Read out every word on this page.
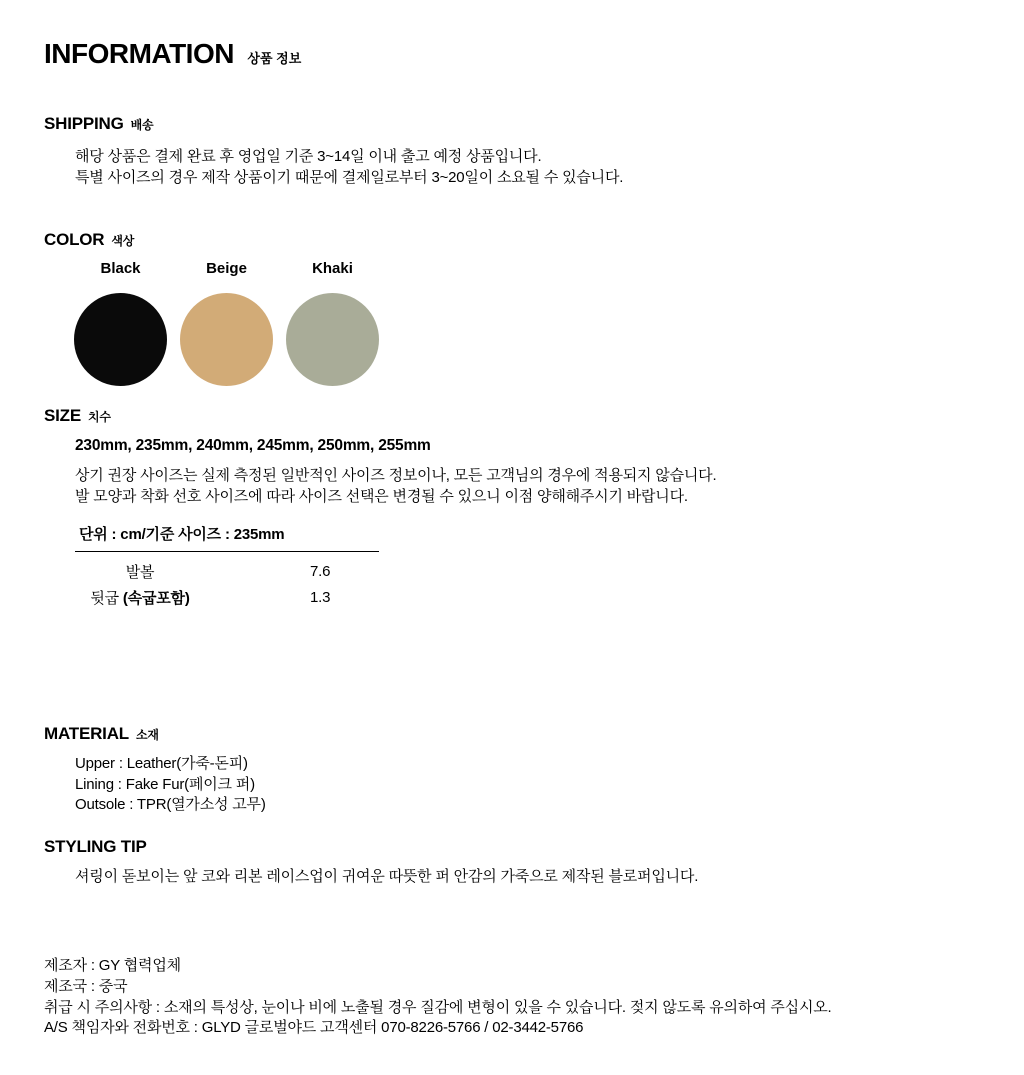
INFORMATION 상품 정보
SHIPPING 배송
해당 상품은 결제 완료 후 영업일 기준 3~14일 이내 출고 예정 상품입니다.
특별 사이즈의 경우 제작 상품이기 때문에 결제일로부터 3~20일이 소요될 수 있습니다.
COLOR 색상
Black	Beige	Khaki
SIZE 치수
230mm, 235mm, 240mm, 245mm, 250mm, 255mm
상기 권장 사이즈는 실제 측정된 일반적인 사이즈 정보이나, 모든 고객님의 경우에 적용되지 않습니다.
발 모양과 착화 선호 사이즈에 따라 사이즈 선택은 변경될 수 있으니 이점 양해해주시기 바랍니다.
단위 : cm/기준 사이즈 : 235mm
발볼	7.6
뒷굽 (속굽포함)	1.3
MATERIAL 소재
Upper : Leather(가죽-돈피)
Lining : Fake Fur(페이크 퍼)
Outsole : TPR(열가소성 고무)
STYLING TIP
셔링이 돋보이는 앞 코와 리본 레이스업이 귀여운 따뜻한 퍼 안감의 가죽으로 제작된 블로퍼입니다.
제조자 : GY 협력업체
제조국 : 중국
취급 시 주의사항 : 소재의 특성상, 눈이나 비에 노출될 경우 질감에 변형이 있을 수 있습니다. 젖지 않도록 유의하여 주십시오.
A/S 책임자와 전화번호 : GLYD 글로벌야드 고객센터 070-8226-5766 / 02-3442-5766
